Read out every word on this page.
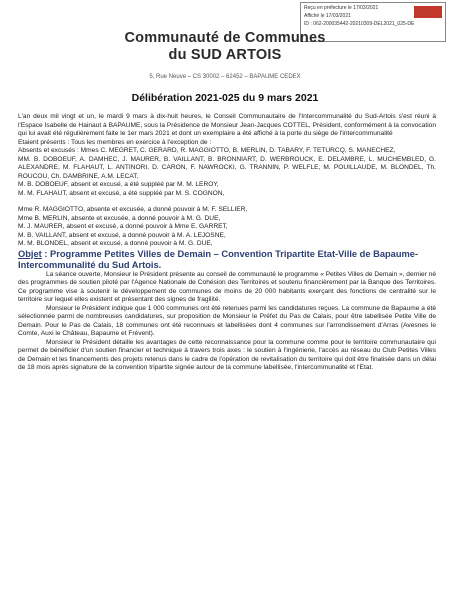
Reçu en préfecture le 17/03/2021
Affiché le 17/03/2021
ID : 062-200035442-20210309-DEL2021_025-DE
Communauté de Communes
du SUD ARTOIS
5, Rue Neuve – CS 30002 – 62452 – BAPAUME CEDEX
Délibération 2021-025 du 9 mars 2021

L'an deux mil vingt et un, le mardi 9 mars à dix-huit heures, le Conseil Communautaire de l'Intercommunalité du Sud-Artois s'est réuni à l'Espace Isabelle de Hainaut à BAPAUME, sous la Présidence de Monsieur Jean-Jacques COTTEL, Président, conformément à la convocation qui lui avait été régulièrement faite le 1er mars 2021 et dont un exemplaire a été affiché à la porte du siège de l'intercommunalité

Etaient présents : Tous les membres en exercice à l'exception de :

Absents et excusés : Mmes C. MEGRET, C. GERARD, R. MAGGIOTTO, B. MERLIN, D. TABARY, F. TETURCQ, S. MANECHEZ,

MM. B. DOBOEUF, A. DAMHEC, J. MAURER, B. VAILLANT, B. BRONNIART, D. WERBROUCK, E. DELAMBRE, L. MUCHEMBLED, G. ALEXANDRE, M. FLAHAUT, L. ANTINORI, D. CARON, F. NAWROCKI, G. TRANNIN, P. WELFLE, M. POUILLAUDE, M. BLONDEL, Th. ROUCOU, Ch. DAMBRINE, A.M. LECAT,

M. B. DOBOEUF, absent et excusé, a été suppléé par M. M. LEROY,

M. M. FLAHAUT, absent et excusé, a été suppléé par M. S. COGNON,

Mme R. MAGGIOTTO, absente et excusée, a donné pouvoir à M. F. SELLIER,

Mme B. MERLIN, absente et excusée, a donné pouvoir à M. G. DUE,

M. J. MAURER, absent et excusé, a donné pouvoir à Mme E. GARRET,

M. B. VAILLANT, absent et excusé, a donné pouvoir à M. A. LEJOSNE,

M. M. BLONDEL, absent et excusé, a donné pouvoir à M. G. DUE,

Objet : Programme Petites Villes de Demain – Convention Tripartite Etat-Ville de Bapaume-Intercommunalité du Sud Artois.

La séance ouverte, Monsieur le Président présente au conseil de communauté le programme « Petites Villes de Demain », dernier né des programmes de soutien piloté par l'Agence Nationale de Cohésion des Territoires et soutenu financièrement par la Banque des Territoires. Ce programme vise à soutenir le développement de communes de moins de 20 000 habitants exerçant des fonctions de centralité sur le territoire sur lequel elles existent et présentant des signes de fragilité.

Monsieur le Président indique que 1 000 communes ont été retenues parmi les candidatures reçues. La commune de Bapaume a été sélectionnée parmi de nombreuses candidatures, sur proposition de Monsieur le Préfet du Pas de Calais, pour être labellisée Petite Ville de Demain. Pour le Pas de Calais, 18 communes ont été reconnues et labellisées dont 4 communes sur l'arrondissement d'Arras (Avesnes le Comte, Auxi le Château, Bapaume et Frévent).

Monsieur le Président détaille les avantages de cette reconnaissance pour la commune comme pour le territoire communautaire qui permet de bénéficier d'un soutien financier et technique à travers trois axes : le soutien à l'ingénierie, l'accès au réseau du Club Petites Villes de Demain et les financements des projets retenus dans le cadre de l'opération de revitalisation du territoire qui doit être finalisée dans un délai de 18 mois après signature de la convention tripartite signée autour de la commune labellisée, l'intercommunalité et l'Etat.
